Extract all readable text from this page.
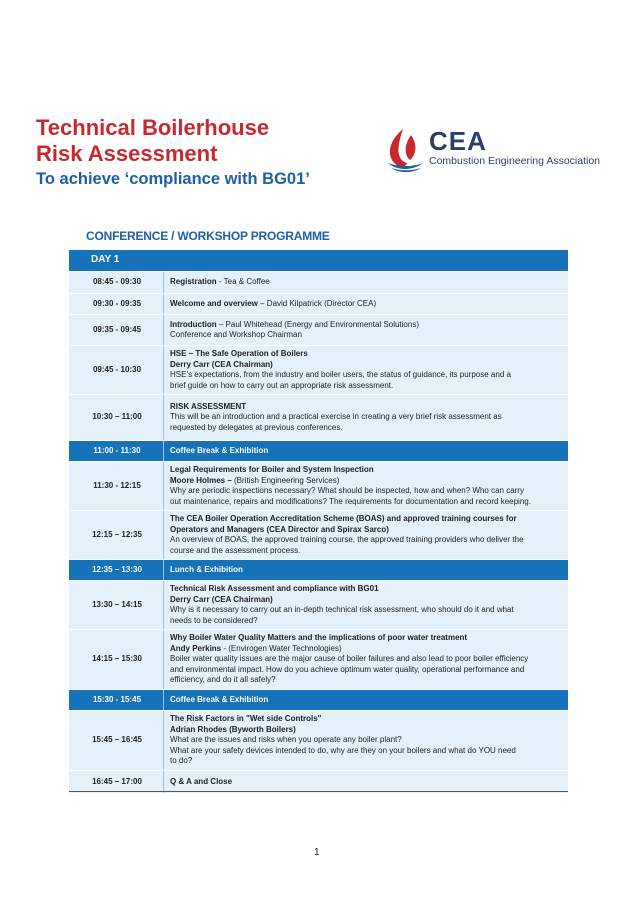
Technical Boilerhouse
Risk Assessment

To achieve ‘compliance with BG01’

CEA
Combustion Engineering Association
CONFERENCE / WORKSHOP PROGRAMME
DAY 1	
08:45 - 09:30	Registration - Tea & Coffee

09:30 - 09:35	Welcome and overview – David Kilpatrick (Director CEA)

09:35 - 09:45	Introduction – Paul Whitehead (Energy and Environmental Solutions)
Conference and Workshop Chairman

09:45 - 10:30	HSE – The Safe Operation of Boilers
Derry Carr (CEA Chairman)
HSE’s expectations, from the industry and boiler users, the status of guidance, its purpose and a
brief guide on how to carry out an appropriate risk assessment.

10:30 – 11:00	RISK ASSESSMENT
This will be an introduction and a practical exercise in creating a very brief risk assessment as
requested by delegates at previous conferences.

11:00 - 11:30	Coffee Break & Exhibition

11:30 - 12:15	Legal Requirements for Boiler and System Inspection
Moore Holmes – (British Engineering Services)
Why are periodic inspections necessary? What should be inspected, how and when? Who can carry
out maintenance, repairs and modifications? The requirements for documentation and record keeping.

12:15 – 12:35	The CEA Boiler Operation Accreditation Scheme (BOAS) and approved training courses for
Operators and Managers (CEA Director and Spirax Sarco)
An overview of BOAS, the approved training course, the approved training providers who deliver the
course and the assessment process.

12:35 – 13:30	Lunch & Exhibition

13:30 – 14:15	Technical Risk Assessment and compliance with BG01
Derry Carr (CEA Chairman)
Why is it necessary to carry out an in-depth technical risk assessment, who should do it and what
needs to be considered?

14:15 – 15:30	Why Boiler Water Quality Matters and the implications of poor water treatment
Andy Perkins - (Envirogen Water Technologies)
Boiler water quality issues are the major cause of boiler failures and also lead to poor boiler efficiency
and environmental impact. How do you achieve optimum water quality, operational performance and
efficiency, and do it all safely?

15:30 - 15:45	Coffee Break & Exhibition

15:45 – 16:45	The Risk Factors in "Wet side Controls"
Adrian Rhodes (Byworth Boilers)
What are the issues and risks when you operate any boiler plant?
What are your safety devices intended to do, why are they on your boilers and what do YOU need
to do?

16:45 – 17:00	Q & A and Close
1
